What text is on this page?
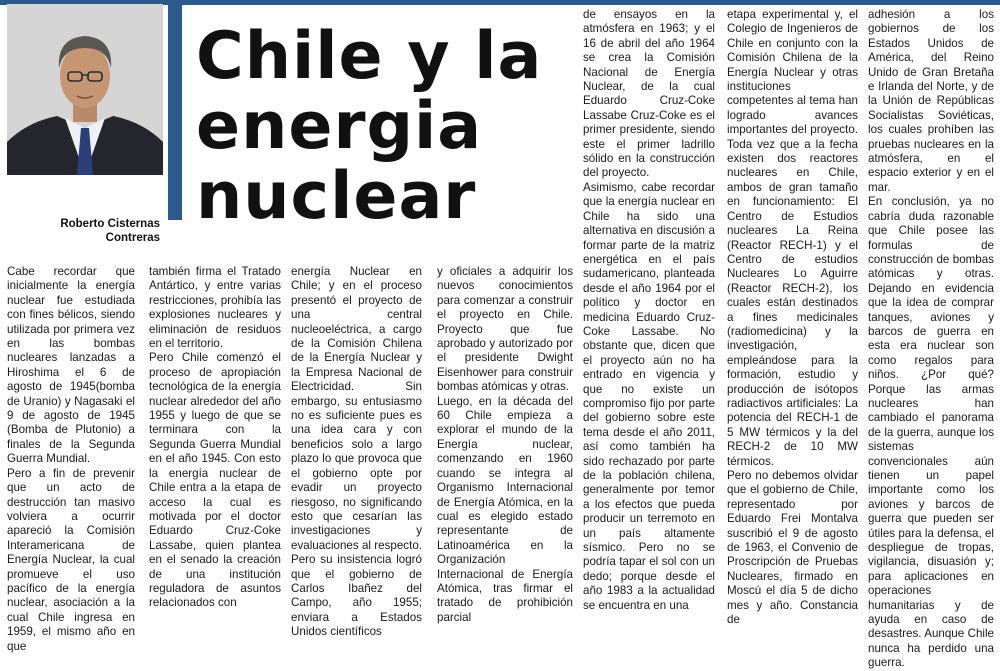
Roberto Cisternas Contreras
Chile y la energia nuclear

Cabe recordar que inicialmente la energía nuclear fue estudiada con fines bélicos, siendo utilizada por primera vez en las bombas nucleares lanzadas a Hiroshima el 6 de agosto de 1945(bomba de Uranio) y Nagasaki el 9 de agosto de 1945 (Bomba de Plutonio) a finales de la Segunda Guerra Mundial.

Pero a fin de prevenir que un acto de destrucción tan masivo volviera a ocurrir apareció la Comisión Interamericana de Energía Nuclear, la cual promueve el uso pacífico de la energía nuclear, asociación a la cual Chile ingresa en 1959, el mismo año en que

también firma el Tratado Antártico, y entre varias restricciones, prohibía las explosiones nucleares y eliminación de residuos en el territorio.

Pero Chile comenzó el proceso de apropiación tecnológica de la energía nuclear alrededor del año 1955 y luego de que se terminara con la Segunda Guerra Mundial en el año 1945. Con esto la energía nuclear de Chile entra a la etapa de acceso la cual es motivada por el doctor Eduardo Cruz-Coke Lassabe, quien plantea en el senado la creación de una institución reguladora de asuntos relacionados con

energía Nuclear en Chile; y en el proceso presentó el proyecto de una central nucleoeléctrica, a cargo de la Comisión Chilena de la Energía Nuclear y la Empresa Nacional de Electricidad. Sin embargo, su entusiasmo no es suficiente pues es una idea cara y con beneficios solo a largo plazo lo que provoca que el gobierno opte por evadir un proyecto riesgoso, no significando esto que cesarían las investigaciones y evaluaciones al respecto. Pero su insistencia logró que el gobierno de Carlos Ibañez del Campo, año 1955; enviara a Estados Unidos científicos

y oficiales a adquirir los nuevos conocimientos para comenzar a construir el proyecto en Chile. Proyecto que fue aprobado y autorizado por el presidente Dwight Eisenhower para construir bombas atómicas y otras.

Luego, en la década del 60 Chile empieza a explorar el mundo de la Energía nuclear, comenzando en 1960 cuando se integra al Organismo Internacional de Energía Atómica, en la cual es elegido estado representante de Latinoamérica en la Organización Internacional de Energía Atómica, tras firmar el tratado de prohibición parcial

de ensayos en la atmósfera en 1963; y el 16 de abril del año 1964 se crea la Comisión Nacional de Energía Nuclear, de la cual Eduardo Cruz-Coke Lassabe Cruz-Coke es el primer presidente, siendo este el primer ladrillo sólido en la construcción del proyecto.

Asimismo, cabe recordar que la energía nuclear en Chile ha sido una alternativa en discusión a formar parte de la matriz energética en el país sudamericano, planteada desde el año 1964 por el político y doctor en medicina Eduardo Cruz-Coke Lassabe. No obstante que, dicen que el proyecto aún no ha entrado en vigencia y que no existe un compromiso fijo por parte del gobierno sobre este tema desde el año 2011, así como también ha sido rechazado por parte de la población chilena, generalmente por temor a los efectos que pueda producir un terremoto en un país altamente sísmico. Pero no se podría tapar el sol con un dedo; porque desde el año 1983 a la actualidad se encuentra en una

etapa experimental y, el Colegio de Ingenieros de Chile en conjunto con la Comisión Chilena de la Energía Nuclear y otras instituciones competentes al tema han logrado avances importantes del proyecto. Toda vez que a la fecha existen dos reactores nucleares en Chile, ambos de gran tamaño en funcionamiento: El Centro de Estudios nucleares La Reina (Reactor RECH-1) y el Centro de estudios Nucleares Lo Aguirre (Reactor RECH-2), los cuales están destinados a fines medicinales (radiomedicina) y la investigación, empleándose para la formación, estudio y producción de isótopos radiactivos artificiales: La potencia del RECH-1 de 5 MW térmicos y la del RECH-2 de 10 MW térmicos.

Pero no debemos olvidar que el gobierno de Chile, representado por Eduardo Frei Montalva suscribió el 9 de agosto de 1963, el Convenio de Proscripción de Pruebas Nucleares, firmado en Moscú el día 5 de dicho mes y año. Constancia de

adhesión a los gobiernos de los Estados Unidos de América, del Reino Unido de Gran Bretaña e Irlanda del Norte, y de la Unión de Repúblicas Socialistas Soviéticas, los cuales prohíben las pruebas nucleares en la atmósfera, en el espacio exterior y en el mar.

En conclusión, ya no cabría duda razonable que Chile posee las formulas de construcción de bombas atómicas y otras. Dejando en evidencia que la idea de comprar tanques, aviones y barcos de guerra en esta era nuclear son como regalos para niños. ¿Por qué? Porque las armas nucleares han cambiado el panorama de la guerra, aunque los sistemas convencionales aún tienen un papel importante como los aviones y barcos de guerra que pueden ser útiles para la defensa, el despliegue de tropas, vigilancia, disuasión y; para aplicaciones en operaciones humanitarias y de ayuda en caso de desastres. Aunque Chile nunca ha perdido una guerra.
